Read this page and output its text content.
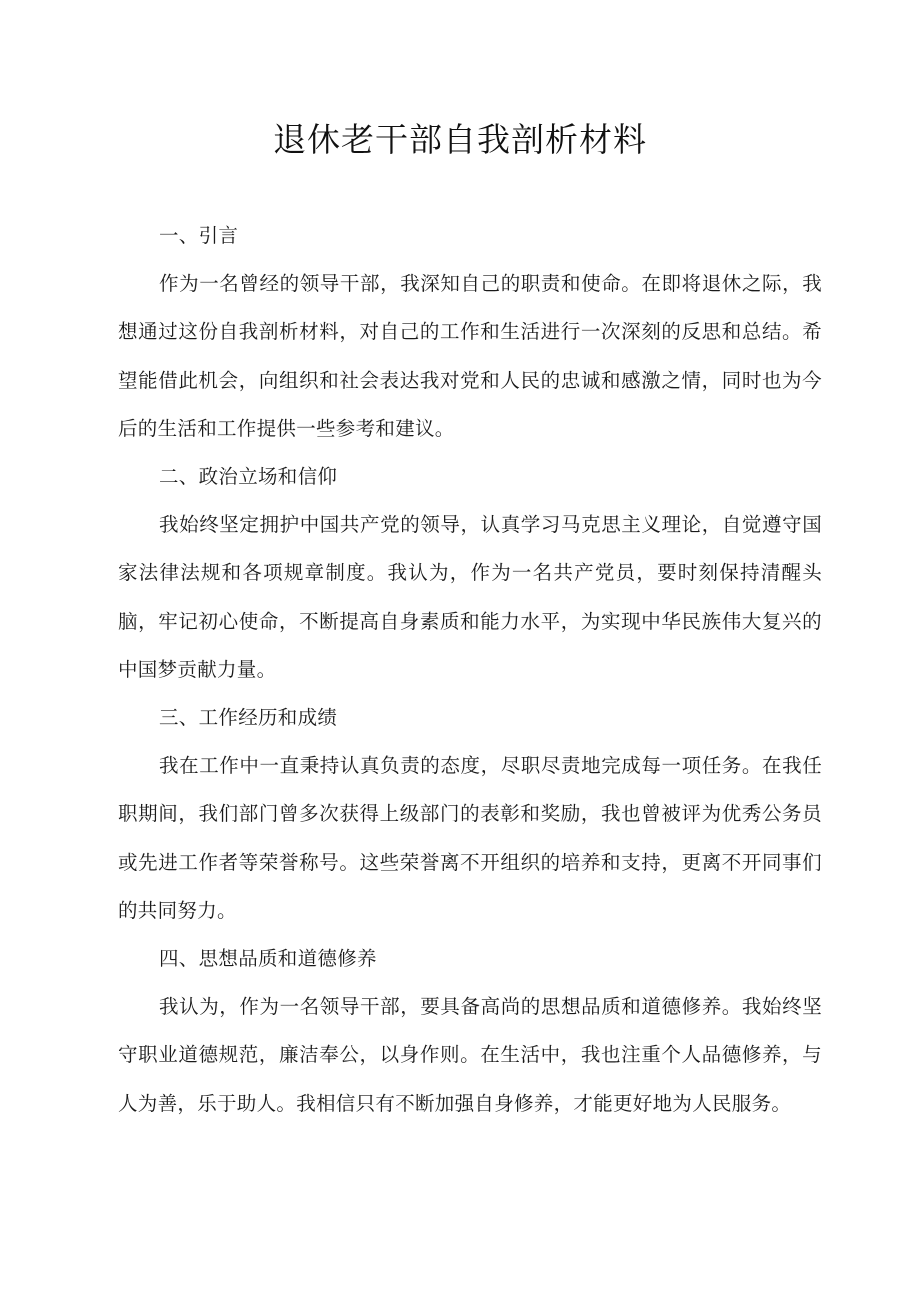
退休老干部自我剖析材料

一、引言

作为一名曾经的领导干部，我深知自己的职责和使命。在即将退休之际，我想通过这份自我剖析材料，对自己的工作和生活进行一次深刻的反思和总结。希望能借此机会，向组织和社会表达我对党和人民的忠诚和感激之情，同时也为今后的生活和工作提供一些参考和建议。

二、政治立场和信仰

我始终坚定拥护中国共产党的领导，认真学习马克思主义理论，自觉遵守国家法律法规和各项规章制度。我认为，作为一名共产党员，要时刻保持清醒头脑，牢记初心使命，不断提高自身素质和能力水平，为实现中华民族伟大复兴的中国梦贡献力量。

三、工作经历和成绩

我在工作中一直秉持认真负责的态度，尽职尽责地完成每一项任务。在我任职期间，我们部门曾多次获得上级部门的表彰和奖励，我也曾被评为优秀公务员或先进工作者等荣誉称号。这些荣誉离不开组织的培养和支持，更离不开同事们的共同努力。

四、思想品质和道德修养

我认为，作为一名领导干部，要具备高尚的思想品质和道德修养。我始终坚守职业道德规范，廉洁奉公，以身作则。在生活中，我也注重个人品德修养，与人为善，乐于助人。我相信只有不断加强自身修养，才能更好地为人民服务。
